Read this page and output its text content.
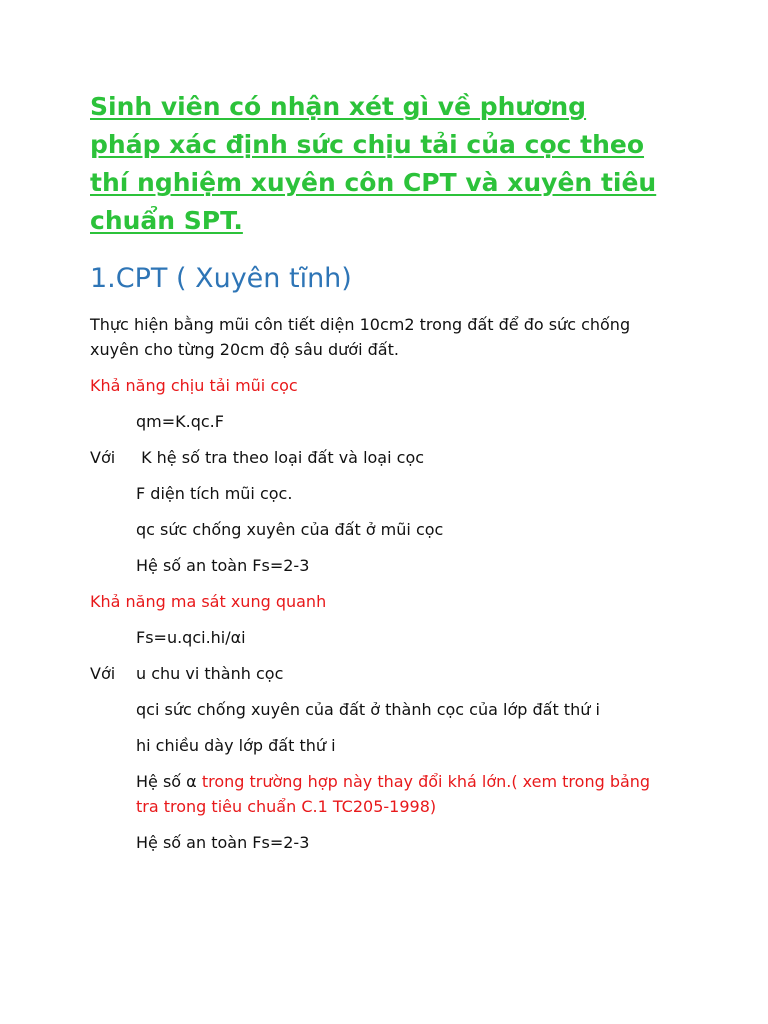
Sinh viên có nhận xét gì về phương pháp xác định sức chịu tải của cọc theo thí nghiệm xuyên côn CPT và xuyên tiêu chuẩn SPT.
1.CPT ( Xuyên tĩnh)

Thực hiện bằng mũi côn tiết diện 10cm2 trong đất để đo sức chống xuyên cho từng 20cm độ sâu dưới đất.

Khả năng chịu tải mũi cọc

qm=K.qc.F

Với	K hệ số tra theo loại đất và loại cọc

F diện tích mũi cọc.

qc sức chống xuyên của đất ở mũi cọc

Hệ số an toàn Fs=2-3

Khả năng ma sát xung quanh

Fs=u.qci.hi/αi

Với	u chu vi thành cọc

qci sức chống xuyên của đất ở thành cọc của lớp đất thứ i

hi chiều dày lớp đất thứ i

Hệ số α trong trường hợp này thay đổi khá lớn.( xem trong bảng tra trong tiêu chuẩn C.1 TC205-1998)

Hệ số an toàn Fs=2-3
